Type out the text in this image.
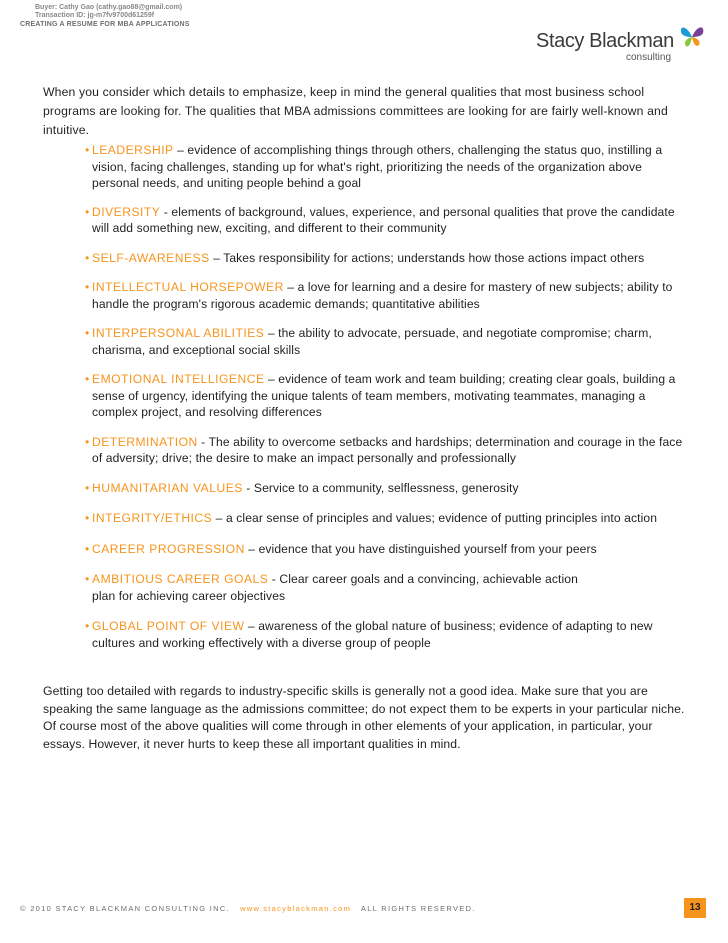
Buyer: Cathy Gao (cathy.gao88@gmail.com)
Transaction ID: jg-m7fv9700d61259f
CREATING A RESUME FOR MBA APPLICATIONS
Stacy Blackman
consulting

When you consider which details to emphasize, keep in mind the general qualities that most business school programs are looking for. The qualities that MBA admissions committees are looking for are fairly well-known and intuitive.

• LEADERSHIP – evidence of accomplishing things through others, challenging the status quo, instilling a vision, facing challenges, standing up for what's right, prioritizing the needs of the organization above personal needs, and uniting people behind a goal
• DIVERSITY - elements of background, values, experience, and personal qualities that prove the candidate will add something new, exciting, and different to their community
• SELF-AWARENESS – Takes responsibility for actions; understands how those actions impact others
• INTELLECTUAL HORSEPOWER – a love for learning and a desire for mastery of new subjects; ability to handle the program's rigorous academic demands; quantitative abilities
• INTERPERSONAL ABILITIES – the ability to advocate, persuade, and negotiate compromise; charm, charisma, and exceptional social skills
• EMOTIONAL INTELLIGENCE – evidence of team work and team building; creating clear goals, building a sense of urgency, identifying the unique talents of team members, motivating teammates, managing a complex project, and resolving differences
• DETERMINATION - The ability to overcome setbacks and hardships; determination and courage in the face of adversity; drive; the desire to make an impact personally and professionally
• HUMANITARIAN VALUES - Service to a community, selflessness, generosity
• INTEGRITY/ETHICS – a clear sense of principles and values; evidence of putting principles into action
• CAREER PROGRESSION – evidence that you have distinguished yourself from your peers
• AMBITIOUS CAREER GOALS - Clear career goals and a convincing, achievable action plan for achieving career objectives
• GLOBAL POINT OF VIEW – awareness of the global nature of business; evidence of adapting to new cultures and working effectively with a diverse group of people

Getting too detailed with regards to industry-specific skills is generally not a good idea. Make sure that you are speaking the same language as the admissions committee; do not expect them to be experts in your particular niche. Of course most of the above qualities will come through in other elements of your application, in particular, your essays. However, it never hurts to keep these all important qualities in mind.

© 2010 STACY BLACKMAN CONSULTING INC. www.stacyblackman.com ALL RIGHTS RESERVED.	13
